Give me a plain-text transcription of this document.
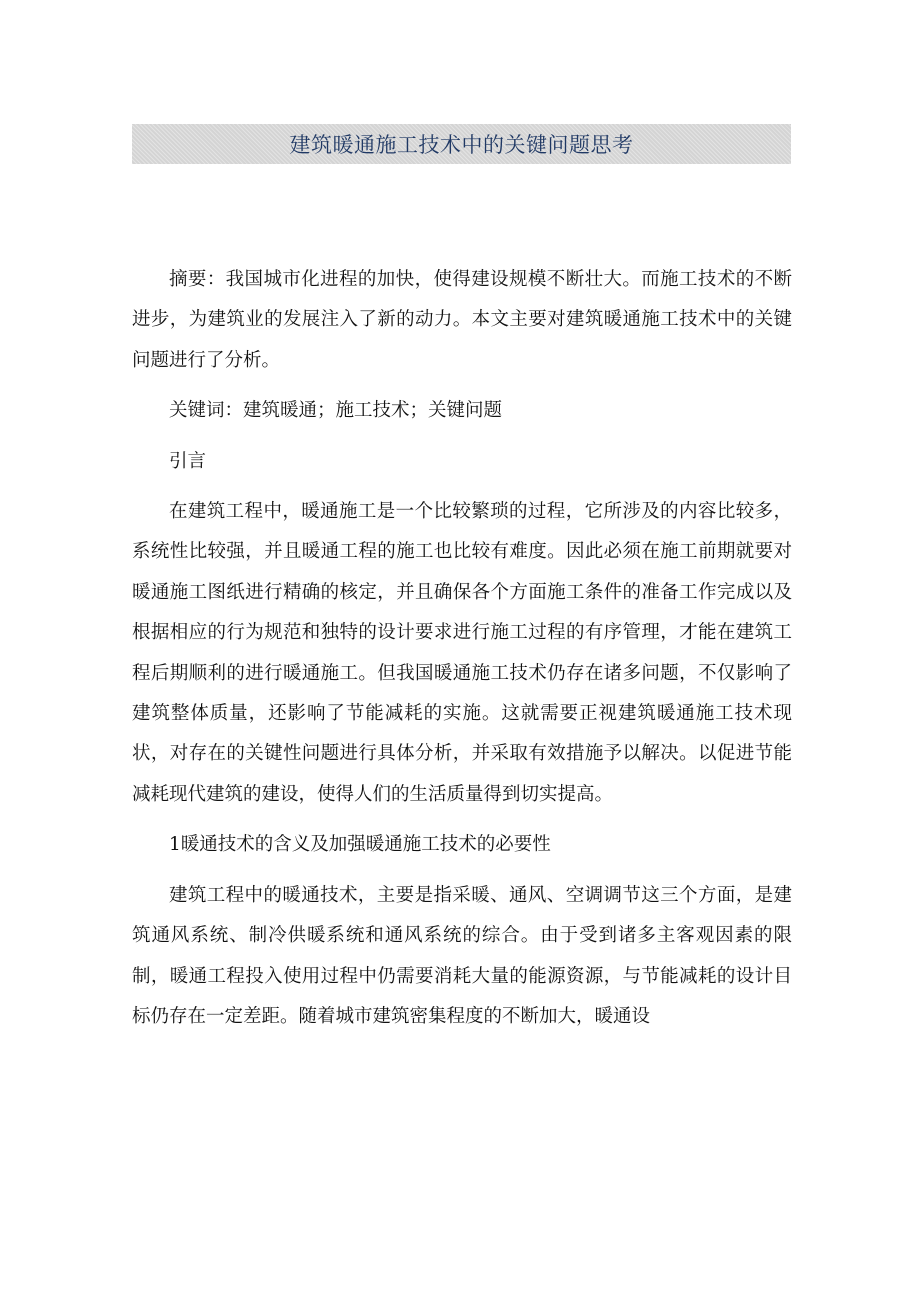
建筑暖通施工技术中的关键问题思考

摘要：我国城市化进程的加快，使得建设规模不断壮大。而施工技术的不断进步，为建筑业的发展注入了新的动力。本文主要对建筑暖通施工技术中的关键问题进行了分析。

关键词：建筑暖通；施工技术；关键问题

引言

在建筑工程中，暖通施工是一个比较繁琐的过程，它所涉及的内容比较多，系统性比较强，并且暖通工程的施工也比较有难度。因此必须在施工前期就要对暖通施工图纸进行精确的核定，并且确保各个方面施工条件的准备工作完成以及根据相应的行为规范和独特的设计要求进行施工过程的有序管理，才能在建筑工程后期顺利的进行暖通施工。但我国暖通施工技术仍存在诸多问题，不仅影响了建筑整体质量，还影响了节能减耗的实施。这就需要正视建筑暖通施工技术现状，对存在的关键性问题进行具体分析，并采取有效措施予以解决。以促进节能减耗现代建筑的建设，使得人们的生活质量得到切实提高。

1暖通技术的含义及加强暖通施工技术的必要性

建筑工程中的暖通技术，主要是指采暖、通风、空调调节这三个方面，是建筑通风系统、制冷供暖系统和通风系统的综合。由于受到诸多主客观因素的限制，暖通工程投入使用过程中仍需要消耗大量的能源资源，与节能减耗的设计目标仍存在一定差距。随着城市建筑密集程度的不断加大，暖通设
